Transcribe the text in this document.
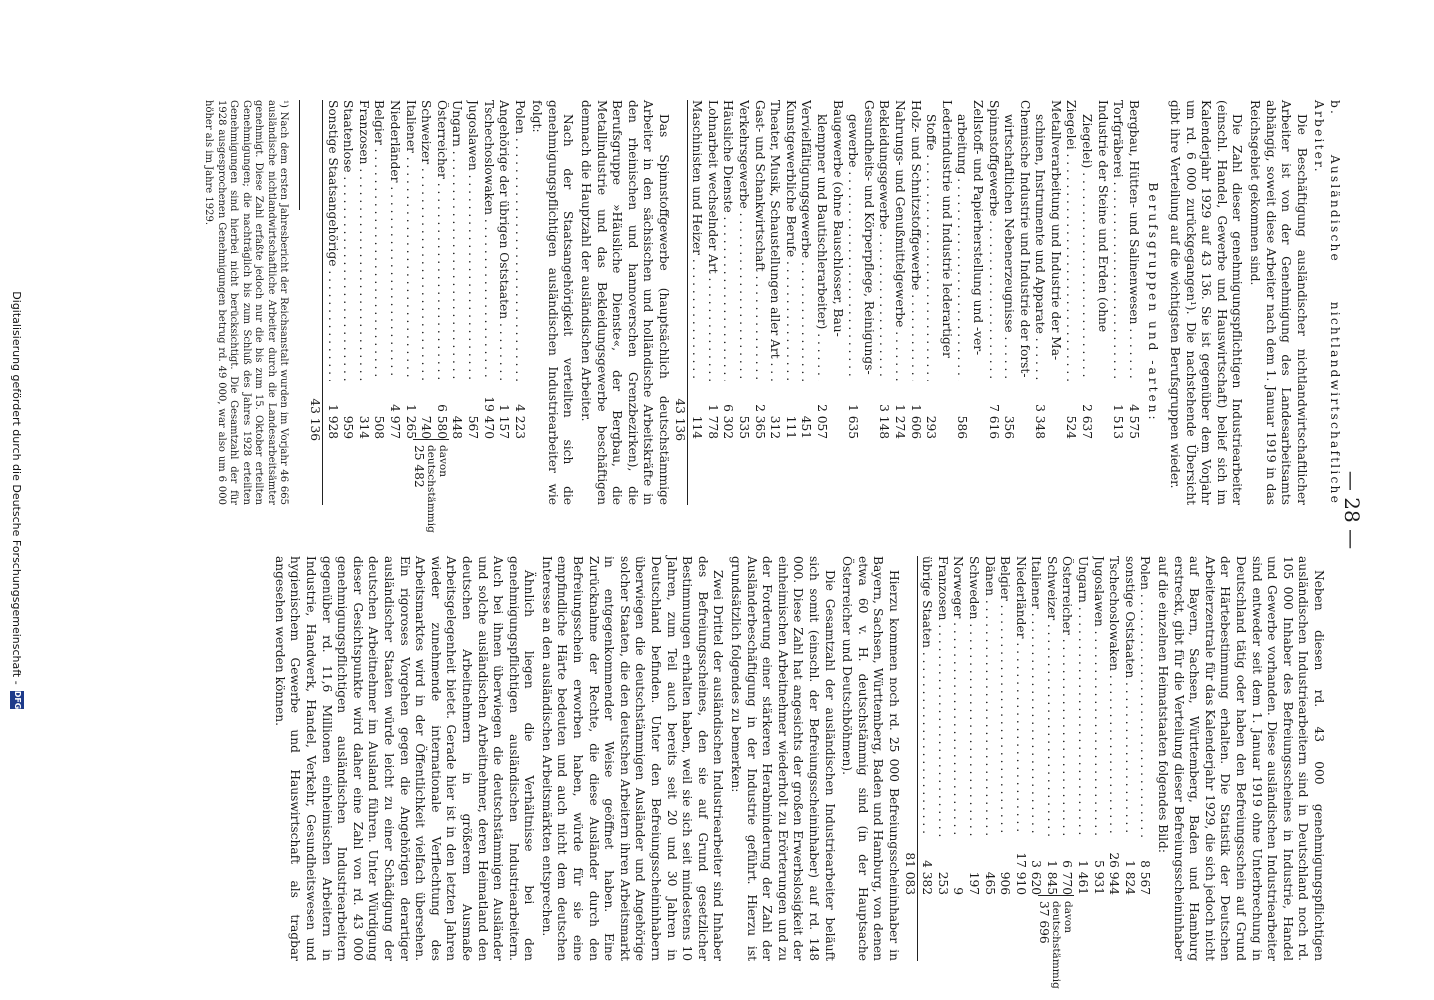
— 28 —

b. Ausländische nichtlandwirtschaftliche Arbeiter.

Die Beschäftigung ausländischer nichtlandwirtschaftlicher Arbeiter ist von der Genehmigung des Landesarbeitsamts abhängig, soweit diese Arbeiter nach dem 1. Januar 1919 in das Reichsgebiet gekommen sind.

Die Zahl dieser genehmigungspflichtigen Industriearbeiter (einschl. Handel, Gewerbe und Hauswirtschaft) belief sich im Kalenderjahr 1929 auf 43 136. Sie ist gegenüber dem Vorjahr um rd. 6 000 zurückgegangen¹). Die nachstehende Übersicht gibt ihre Verteilung auf die wichtigsten Berufsgruppen wieder.

Berufsgruppen und -arten:
Bergbau, Hütten- und Salinenwesen . . .
4 575
Torfgräberei . . .
1 513
Industrie der Steine und Erden (ohne
Ziegelei) . . .
2 637
Ziegelei . . .
524
Metallverarbeitung und Industrie der Ma-
schinen, Instrumente und Apparate . . .
3 348
Chemische Industrie und Industrie der forst-
wirtschaftlichen Nebenerzeugnisse . . .
356
Spinnstoffgewerbe . . .
7 616
Zellstoff- und Papierherstellung und -ver-
arbeitung . . .
586
Lederindustrie und Industrie lederartiger
Stoffe . . .
293
Holz- und Schnitzstoffgewerbe . . .
1 606
Nahrungs- und Genußmittelgewerbe . . .
1 274
Bekleidungsgewerbe . . .
3 148
Gesundheits- und Körperpflege, Reinigungs-
gewerbe . . .
1 635
Baugewerbe (ohne Bauschlosser, Bau-
klempner und Bautischlerarbeiter) . . .
2 057
Vervielfältigungsgewerbe . . .
451
Kunstgewerbliche Berufe . . .
111
Theater, Musik, Schaustellungen aller Art . . .
312
Gast- und Schankwirtschaft . . .
2 365
Verkehrsgewerbe . . .
535
Häusliche Dienste . . .
6 302
Lohnarbeit wechselnder Art . . .
1 778
Maschinisten und Heizer . . .
114
43 136

Das Spinnstoffgewerbe (hauptsächlich deutschstämmige Arbeiter in den sächsischen und holländische Arbeitskräfte in den rheinischen und hannoverschen Grenzbezirken), die Berufsgruppe »Häusliche Dienste«, der Bergbau, die Metallindustrie und das Bekleidungsgewerbe beschäftigen demnach die Hauptzahl der ausländischen Arbeiter.

Nach der Staatsangehörigkeit verteilten sich die genehmigungspflichtigen ausländischen Industriearbeiter wie folgt:

Polen . . .
4 223
Angehörige der übrigen Oststaaten . . .
1 157
Tschechoslowaken . . .
19 470
Jugoslawen . . .
567
Ungarn . . .
448
Österreicher . . .
6 580
Schweizer . . .
740
Italiener . . .
1 265
Niederländer . . .
4 977
Belgier . . .
508
Franzosen . . .
314
Staatenlose . . .
959
Sonstige Staatsangehörige . . .
1 928
davon deutschstämmig
25 482
43 136

¹) Nach dem ersten Jahresbericht der Reichsanstalt wurden im Vorjahr 46 665 ausländische nichtlandwirtschaftliche Arbeiter durch die Landesarbeitsämter genehmigt. Diese Zahl erfaßte jedoch nur die bis zum 15. Oktober erteilten Genehmigungen; die nachträglich bis zum Schluß des Jahres 1928 erteilten Genehmigungen sind hierbei nicht berücksichtigt. Die Gesamtzahl der für 1928 ausgesprochenen Genehmigungen betrug rd. 49 000, war also um 6 000 höher als im Jahre 1929.

Neben diesen rd. 43 000 genehmigungspflichtigen ausländischen Industriearbeitern sind in Deutschland noch rd. 105 000 Inhaber des Befreiungsscheines in Industrie, Handel und Gewerbe vorhanden. Diese ausländischen Industriearbeiter sind entweder seit dem 1. Januar 1919 ohne Unterbrechung in Deutschland tätig oder haben den Befreiungsschein auf Grund der Härtebestimmung erhalten. Die Statistik der Deutschen Arbeiterzentrale für das Kalenderjahr 1929, die sich jedoch nicht auf Bayern, Sachsen, Württemberg, Baden und Hamburg erstreckt, gibt für die Verteilung dieser Befreiungsscheininhaber auf die einzelnen Heimatstaaten folgendes Bild:

Polen . . .
8 567
sonstige Oststaaten . . .
1 824
Tschechoslowaken . . .
26 944
Jugoslawen . . .
5 931
Ungarn . . .
1 461
Österreicher . . .
6 770
Schweizer . . .
1 845
Italiener . . .
3 620
Niederländer . . .
17 910
Belgier . . .
906
Dänen . . .
465
Schweden . . .
197
Norweger . . .
9
Franzosen . . .
253
übrige Staaten . . .
4 382
davon deutschstämmig
37 696
81 083

Hierzu kommen noch rd. 25 000 Befreiungsscheininhaber in Bayern, Sachsen, Württemberg, Baden und Hamburg, von denen etwa 60 v. H. deutschstämmig sind (in der Hauptsache Österreicher und Deutschböhmen).

Die Gesamtzahl der ausländischen Industriearbeiter beläuft sich somit (einschl. der Befreiungsscheininhaber) auf rd. 148 000. Diese Zahl hat angesichts der großen Erwerbslosigkeit der einheimischen Arbeitnehmer wiederholt zu Erörterungen und zu der Forderung einer stärkeren Herabminderung der Zahl der Ausländerbeschäftigung in der Industrie geführt. Hierzu ist grundsätzlich folgendes zu bemerken:

Zwei Drittel der ausländischen Industriearbeiter sind Inhaber des Befreiungsscheines, den sie auf Grund gesetzlicher Bestimmungen erhalten haben, weil sie sich seit mindestens 10 Jahren, zum Teil auch bereits seit 20 und 30 Jahren in Deutschland befinden. Unter den Befreiungsscheininhabern überwiegen die deutschstämmigen Ausländer und Angehörige solcher Staaten, die den deutschen Arbeitern ihren Arbeitsmarkt in entgegenkommender Weise geöffnet haben. Eine Zurücknahme der Rechte, die diese Ausländer durch den Befreiungsschein erworben haben, würde für sie eine empfindliche Härte bedeuten und auch nicht dem deutschen Interesse an den ausländischen Arbeitsmärkten entsprechen.

Ähnlich liegen die Verhältnisse bei den genehmigungspflichtigen ausländischen Industriearbeitern. Auch bei ihnen überwiegen die deutschstämmigen Ausländer und solche ausländischen Arbeitnehmer, deren Heimatland den deutschen Arbeitnehmern in größerem Ausmaße Arbeitsgelegenheit bietet. Gerade hier ist in den letzten Jahren wieder zunehmende internationale Verflechtung des Arbeitsmarktes wird in der Öffentlichkeit vielfach übersehen. Ein rigoroses Vorgehen gegen die Angehörigen derartiger ausländischer Staaten würde leicht zu einer Schädigung der deutschen Arbeitnehmer im Ausland führen. Unter Würdigung dieser Gesichtspunkte wird daher eine Zahl von rd. 43 000 genehmigungspflichtigen ausländischen Industriearbeitern gegenüber rd. 11,6 Millionen einheimischen Arbeitern in Industrie, Handwerk, Handel, Verkehr, Gesundheitswesen und hygienischem Gewerbe und Hauswirtschaft als tragbar angesehen werden können.

Digitalisierung gefördert durch die Deutsche Forschungsgemeinschaft -
DFG
